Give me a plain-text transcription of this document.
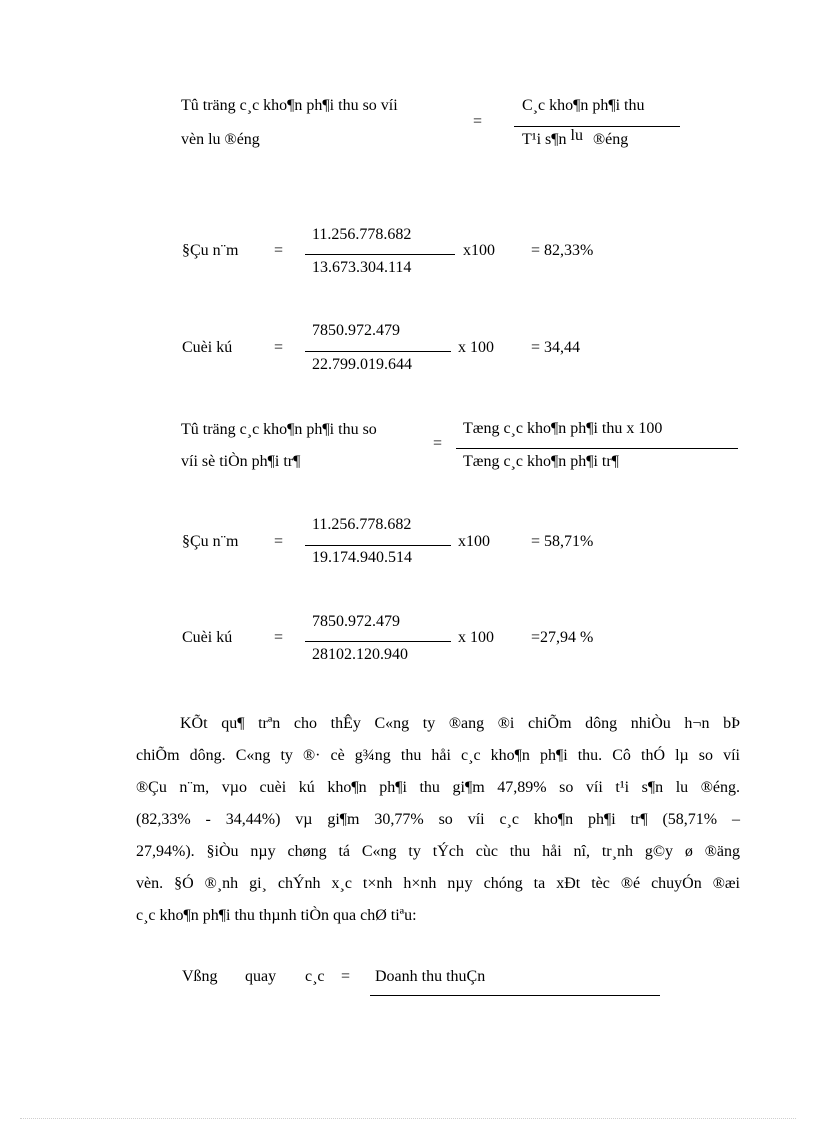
Tû träng c¸c kho¶n ph¶i thu so víi
vèn lu ®éng
=
C¸c kho¶n ph¶i thu
T¹i s¶n lu ®éng
§Çu n¨m =
11.256.778.682
13.673.304.114
x100 = 82,33%
Cuèi kú	=
7850.972.479
22.799.019.644
x 100 = 34,44
Tû träng c¸c kho¶n ph¶i thu so
víi sè tiÒn ph¶i tr¶
=
Tæng c¸c kho¶n ph¶i thu x 100
Tæng c¸c kho¶n ph¶i tr¶
§Çu n¨m =
11.256.778.682
19.174.940.514
x100	= 58,71%
Cuèi kú	=
7850.972.479
28102.120.940
x 100 =27,94 %
KÕt qu¶ trªn cho thÊy C«ng ty ®ang ®i chiÕm dông nhiÒu h¬n bÞ
chiÕm dông. C«ng ty ®· cè g¾ng thu håi c¸c kho¶n ph¶i thu. Cô thÓ lµ so víi
®Çu n¨m, vµo cuèi kú kho¶n ph¶i thu gi¶m 47,89% so víi t¹i s¶n lu ®éng.
(82,33% - 34,44%) vµ gi¶m 30,77% so víi c¸c kho¶n ph¶i tr¶ (58,71% –
27,94%). §iÒu nµy chøng tá C«ng ty tÝch cùc thu håi nî, tr¸nh g©y ø ®äng
vèn. §Ó ®¸nh gi¸ chÝnh x¸c t×nh h×nh nµy chóng ta xÐt tèc ®é chuyÓn ®æi
c¸c kho¶n ph¶i thu thµnh tiÒn qua chØ tiªu:
Vßng quay c¸c = Doanh thu thuÇn
